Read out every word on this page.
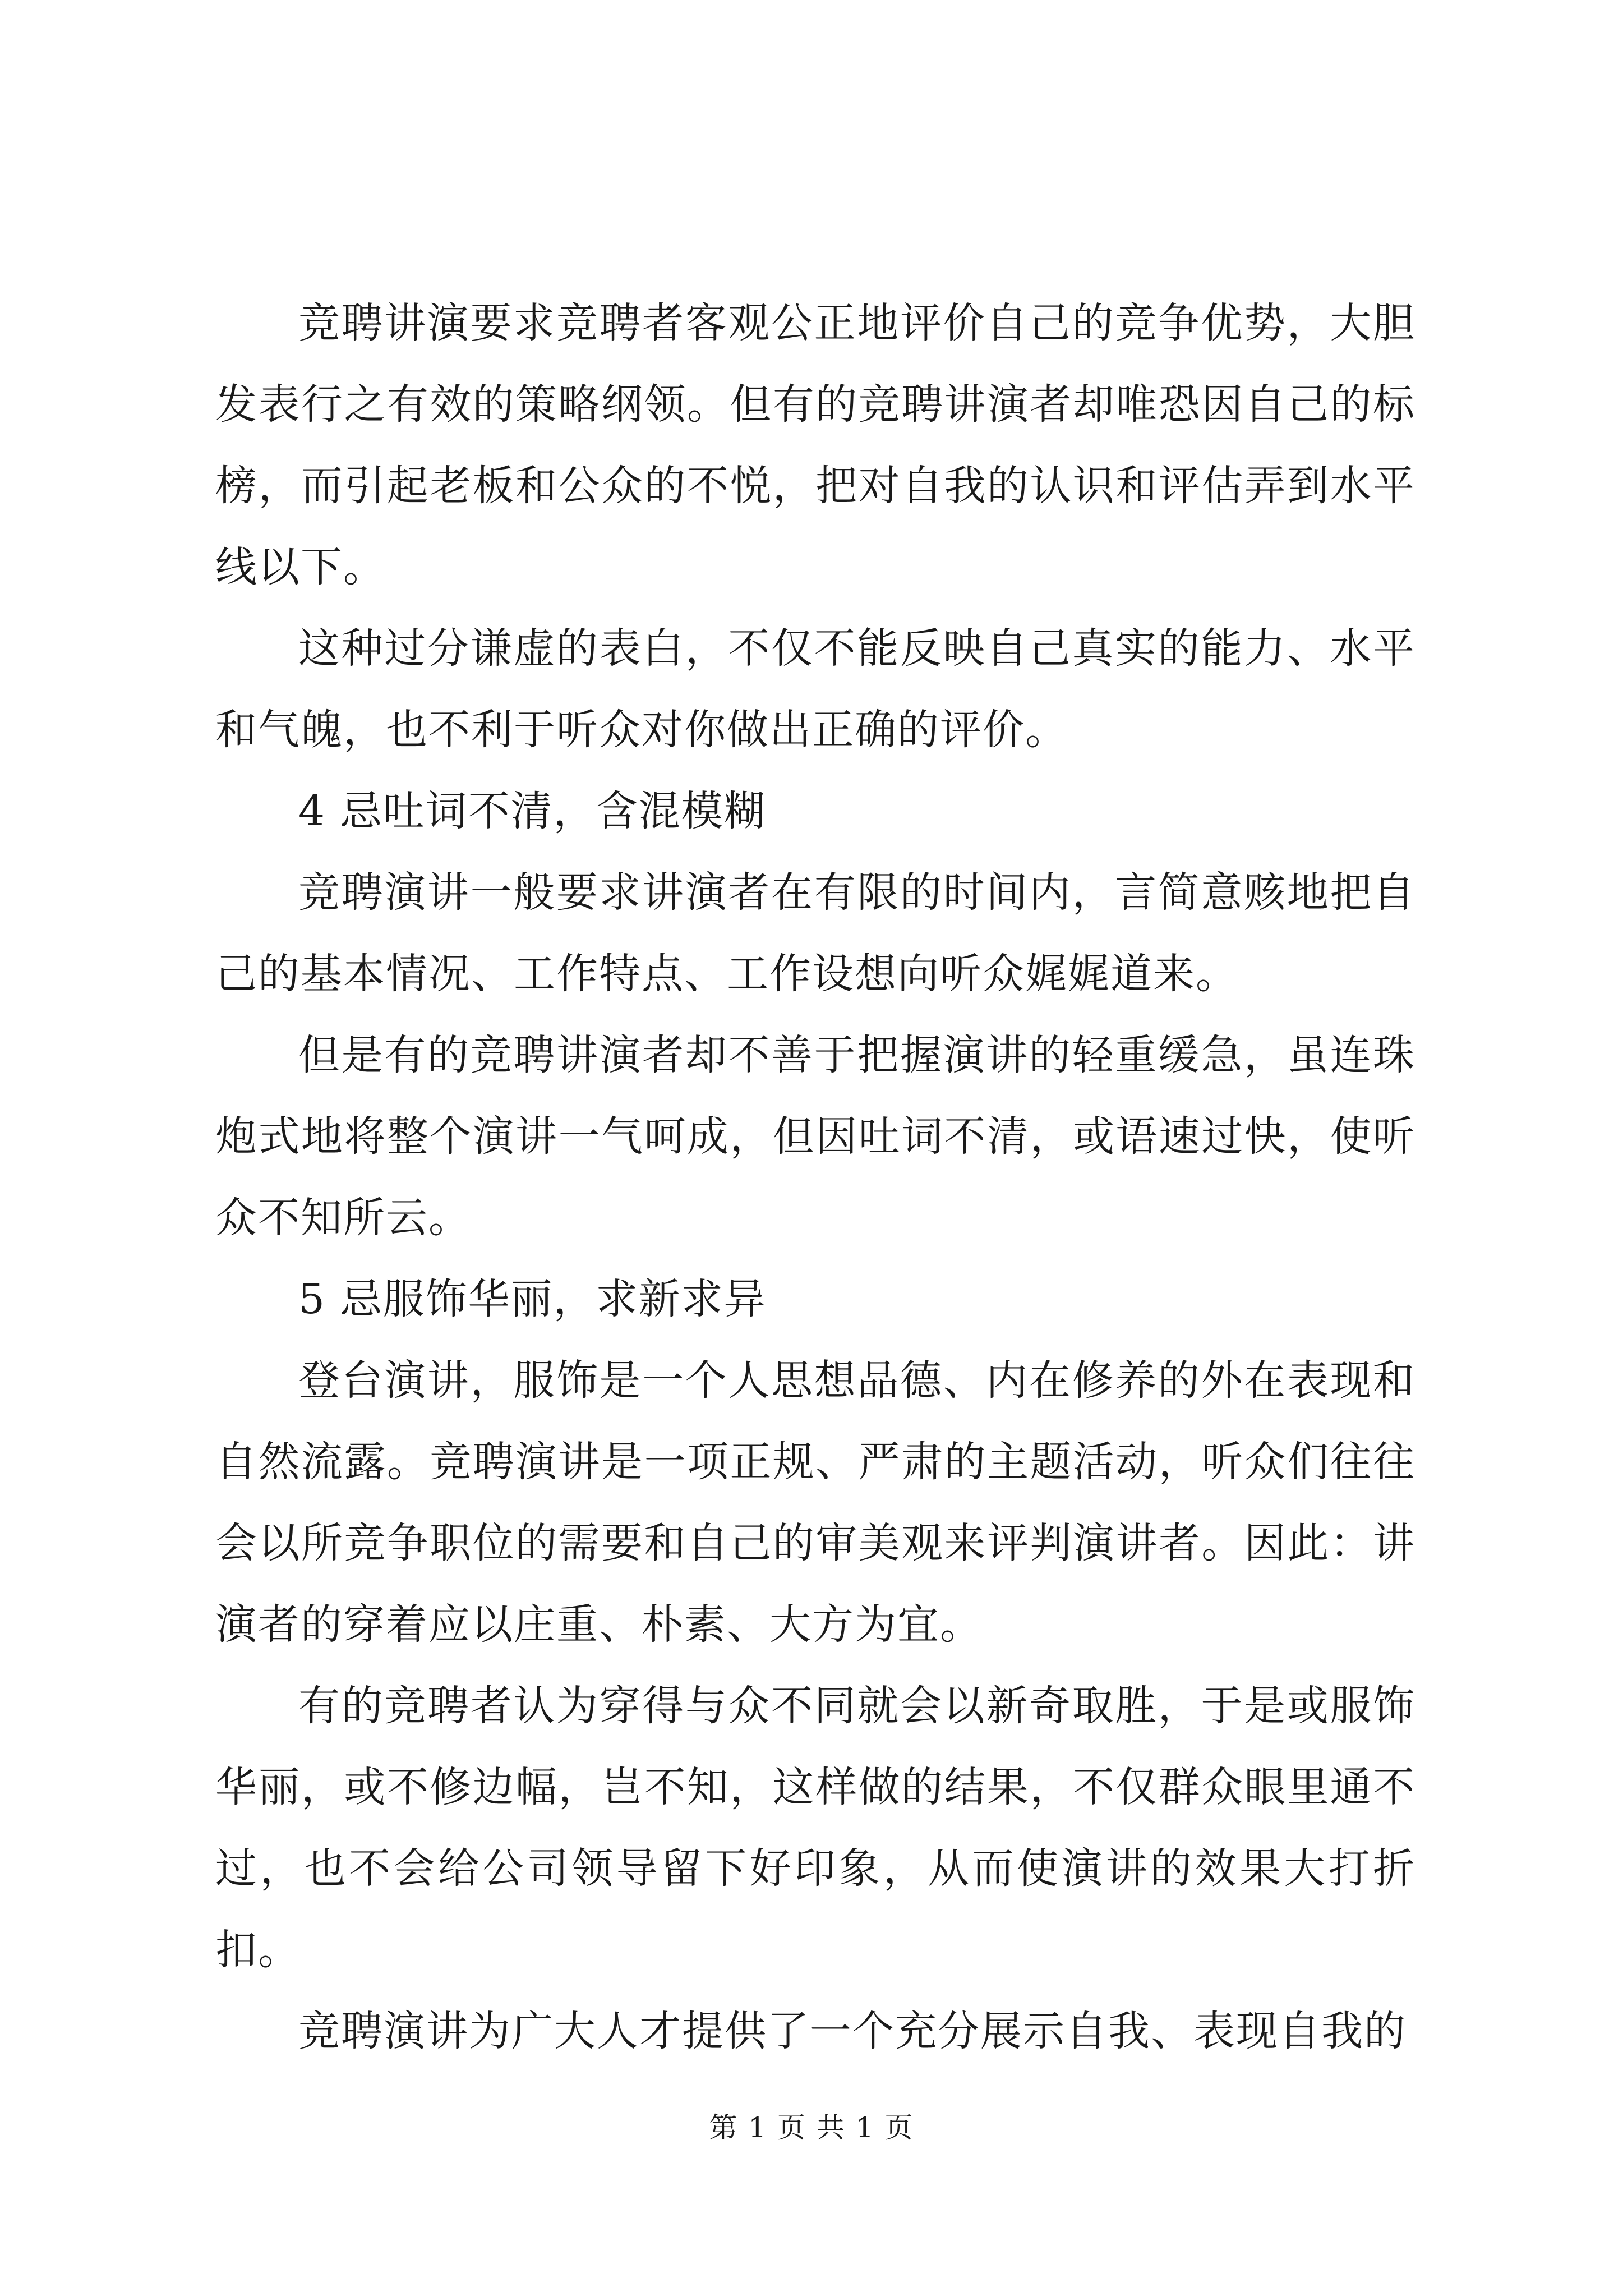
竞聘讲演要求竞聘者客观公正地评价自己的竞争优势，大胆发表行之有效的策略纲领。但有的竞聘讲演者却唯恐因自己的标榜，而引起老板和公众的不悦，把对自我的认识和评估弄到水平线以下。

这种过分谦虚的表白，不仅不能反映自己真实的能力、水平和气魄，也不利于听众对你做出正确的评价。

4 忌吐词不清，含混模糊

竞聘演讲一般要求讲演者在有限的时间内，言简意赅地把自己的基本情况、工作特点、工作设想向听众娓娓道来。

但是有的竞聘讲演者却不善于把握演讲的轻重缓急，虽连珠炮式地将整个演讲一气呵成，但因吐词不清，或语速过快，使听众不知所云。

5 忌服饰华丽，求新求异

登台演讲，服饰是一个人思想品德、内在修养的外在表现和自然流露。竞聘演讲是一项正规、严肃的主题活动，听众们往往会以所竞争职位的需要和自己的审美观来评判演讲者。因此：讲演者的穿着应以庄重、朴素、大方为宜。

有的竞聘者认为穿得与众不同就会以新奇取胜，于是或服饰华丽，或不修边幅，岂不知，这样做的结果，不仅群众眼里通不过，也不会给公司领导留下好印象，从而使演讲的效果大打折扣。

竞聘演讲为广大人才提供了一个充分展示自我、表现自我的

第 1 页 共 1 页
